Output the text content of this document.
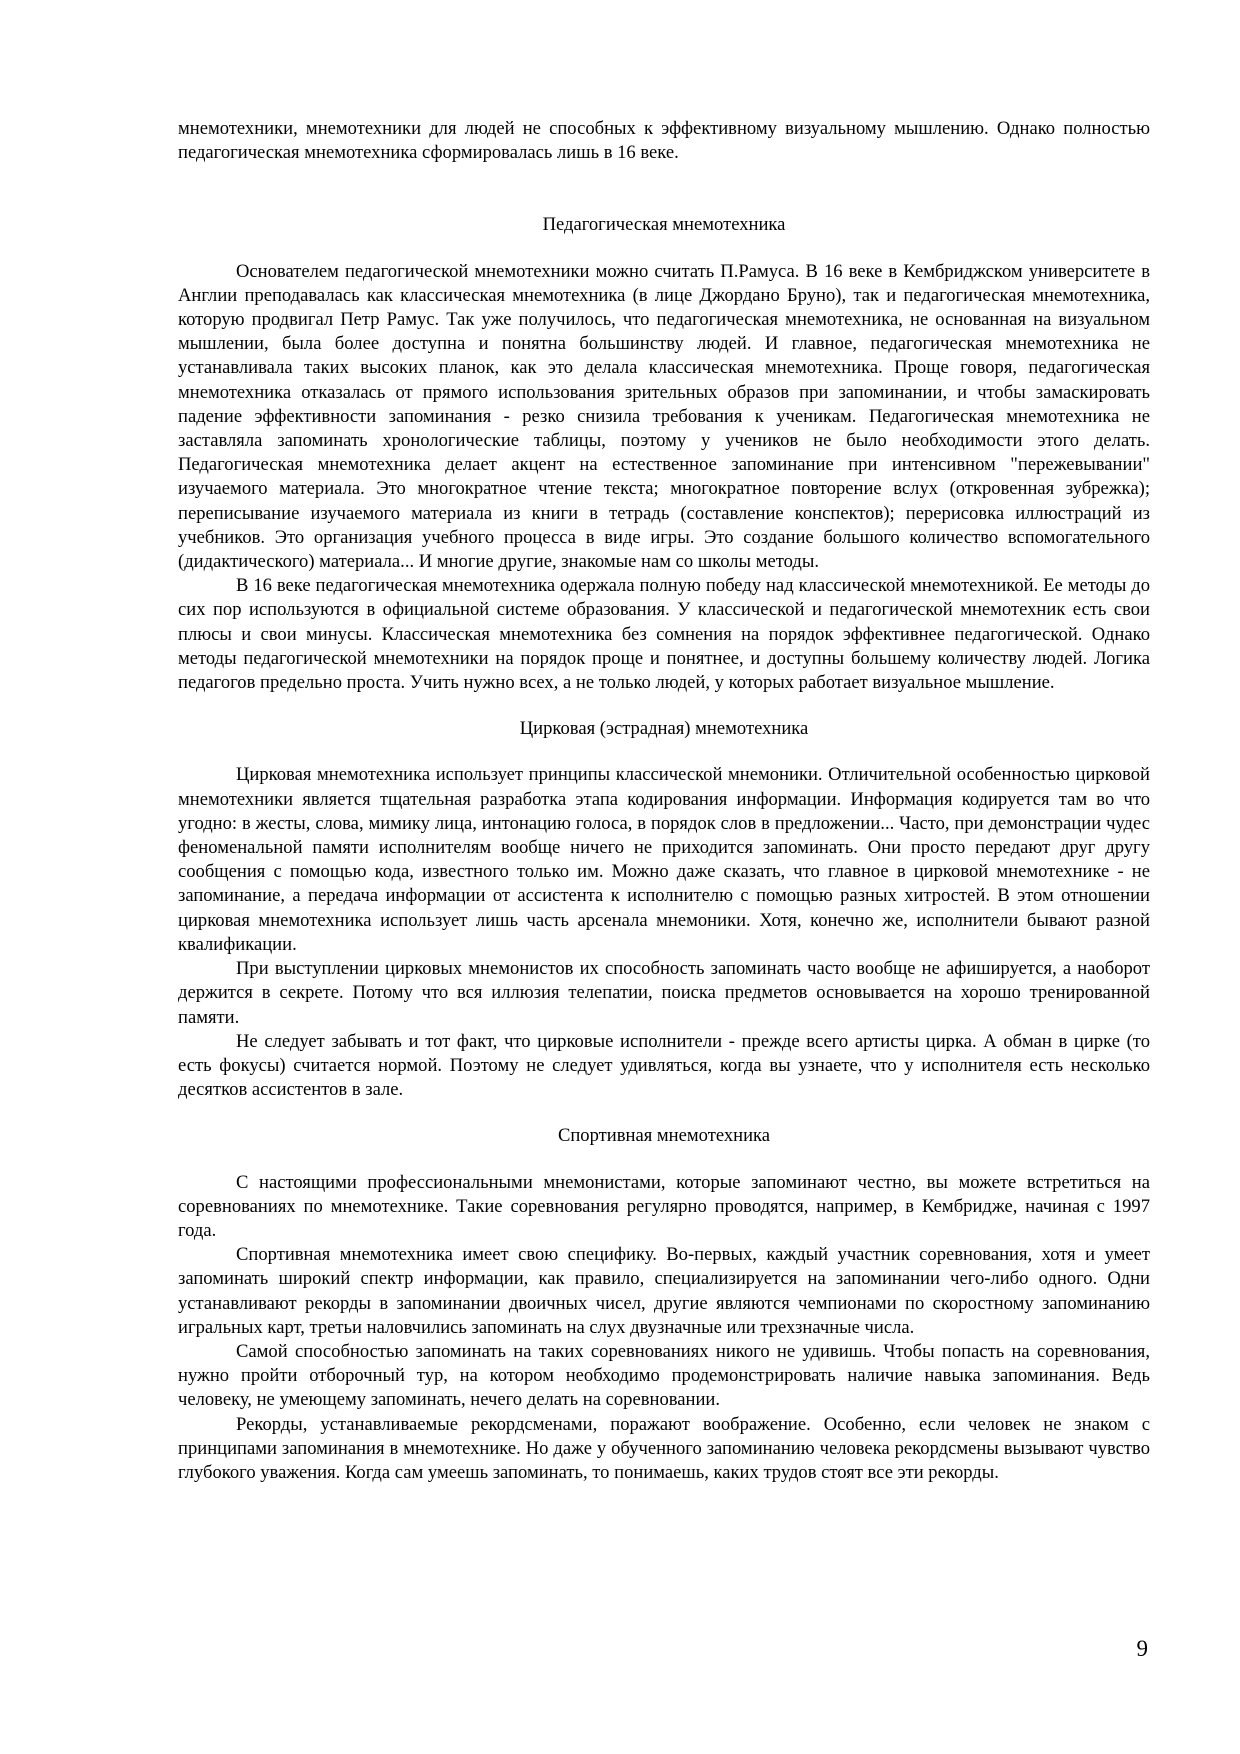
мнемотехники, мнемотехники для людей не способных к эффективному визуальному мышлению. Однако полностью педагогическая мнемотехника сформировалась лишь в 16 веке.

Педагогическая мнемотехника

Основателем педагогической мнемотехники можно считать П.Рамуса. В 16 веке в Кембриджском университете в Англии преподавалась как классическая мнемотехника (в лице Джордано Бруно), так и педагогическая мнемотехника, которую продвигал Петр Рамус. Так уже получилось, что педагогическая мнемотехника, не основанная на визуальном мышлении, была более доступна и понятна большинству людей. И главное, педагогическая мнемотехника не устанавливала таких высоких планок, как это делала классическая мнемотехника. Проще говоря, педагогическая мнемотехника отказалась от прямого использования зрительных образов при запоминании, и чтобы замаскировать падение эффективности запоминания - резко снизила требования к ученикам. Педагогическая мнемотехника не заставляла запоминать хронологические таблицы, поэтому у учеников не было необходимости этого делать. Педагогическая мнемотехника делает акцент на естественное запоминание при интенсивном "пережевывании" изучаемого материала. Это многократное чтение текста; многократное повторение вслух (откровенная зубрежка); переписывание изучаемого материала из книги в тетрадь (составление конспектов); перерисовка иллюстраций из учебников. Это организация учебного процесса в виде игры. Это создание большого количество вспомогательного (дидактического) материала... И многие другие, знакомые нам со школы методы.

В 16 веке педагогическая мнемотехника одержала полную победу над классической мнемотехникой. Ее методы до сих пор используются в официальной системе образования. У классической и педагогической мнемотехник есть свои плюсы и свои минусы. Классическая мнемотехника без сомнения на порядок эффективнее педагогической. Однако методы педагогической мнемотехники на порядок проще и понятнее, и доступны большему количеству людей. Логика педагогов предельно проста. Учить нужно всех, а не только людей, у которых работает визуальное мышление.

Цирковая (эстрадная) мнемотехника

Цирковая мнемотехника использует принципы классической мнемоники. Отличительной особенностью цирковой мнемотехники является тщательная разработка этапа кодирования информации. Информация кодируется там во что угодно: в жесты, слова, мимику лица, интонацию голоса, в порядок слов в предложении... Часто, при демонстрации чудес феноменальной памяти исполнителям вообще ничего не приходится запоминать. Они просто передают друг другу сообщения с помощью кода, известного только им. Можно даже сказать, что главное в цирковой мнемотехнике - не запоминание, а передача информации от ассистента к исполнителю с помощью разных хитростей. В этом отношении цирковая мнемотехника использует лишь часть арсенала мнемоники. Хотя, конечно же, исполнители бывают разной квалификации.

При выступлении цирковых мнемонистов их способность запоминать часто вообще не афишируется, а наоборот держится в секрете. Потому что вся иллюзия телепатии, поиска предметов основывается на хорошо тренированной памяти.

Не следует забывать и тот факт, что цирковые исполнители - прежде всего артисты цирка. А обман в цирке (то есть фокусы) считается нормой. Поэтому не следует удивляться, когда вы узнаете, что у исполнителя есть несколько десятков ассистентов в зале.

Спортивная мнемотехника

С настоящими профессиональными мнемонистами, которые запоминают честно, вы можете встретиться на соревнованиях по мнемотехнике. Такие соревнования регулярно проводятся, например, в Кембридже, начиная с 1997 года.

Спортивная мнемотехника имеет свою специфику. Во-первых, каждый участник соревнования, хотя и умеет запоминать широкий спектр информации, как правило, специализируется на запоминании чего-либо одного. Одни устанавливают рекорды в запоминании двоичных чисел, другие являются чемпионами по скоростному запоминанию игральных карт, третьи наловчились запоминать на слух двузначные или трехзначные числа.

Самой способностью запоминать на таких соревнованиях никого не удивишь. Чтобы попасть на соревнования, нужно пройти отборочный тур, на котором необходимо продемонстрировать наличие навыка запоминания. Ведь человеку, не умеющему запоминать, нечего делать на соревновании.

Рекорды, устанавливаемые рекордсменами, поражают воображение. Особенно, если человек не знаком с принципами запоминания в мнемотехнике. Но даже у обученного запоминанию человека рекордсмены вызывают чувство глубокого уважения. Когда сам умеешь запоминать, то понимаешь, каких трудов стоят все эти рекорды.

9
